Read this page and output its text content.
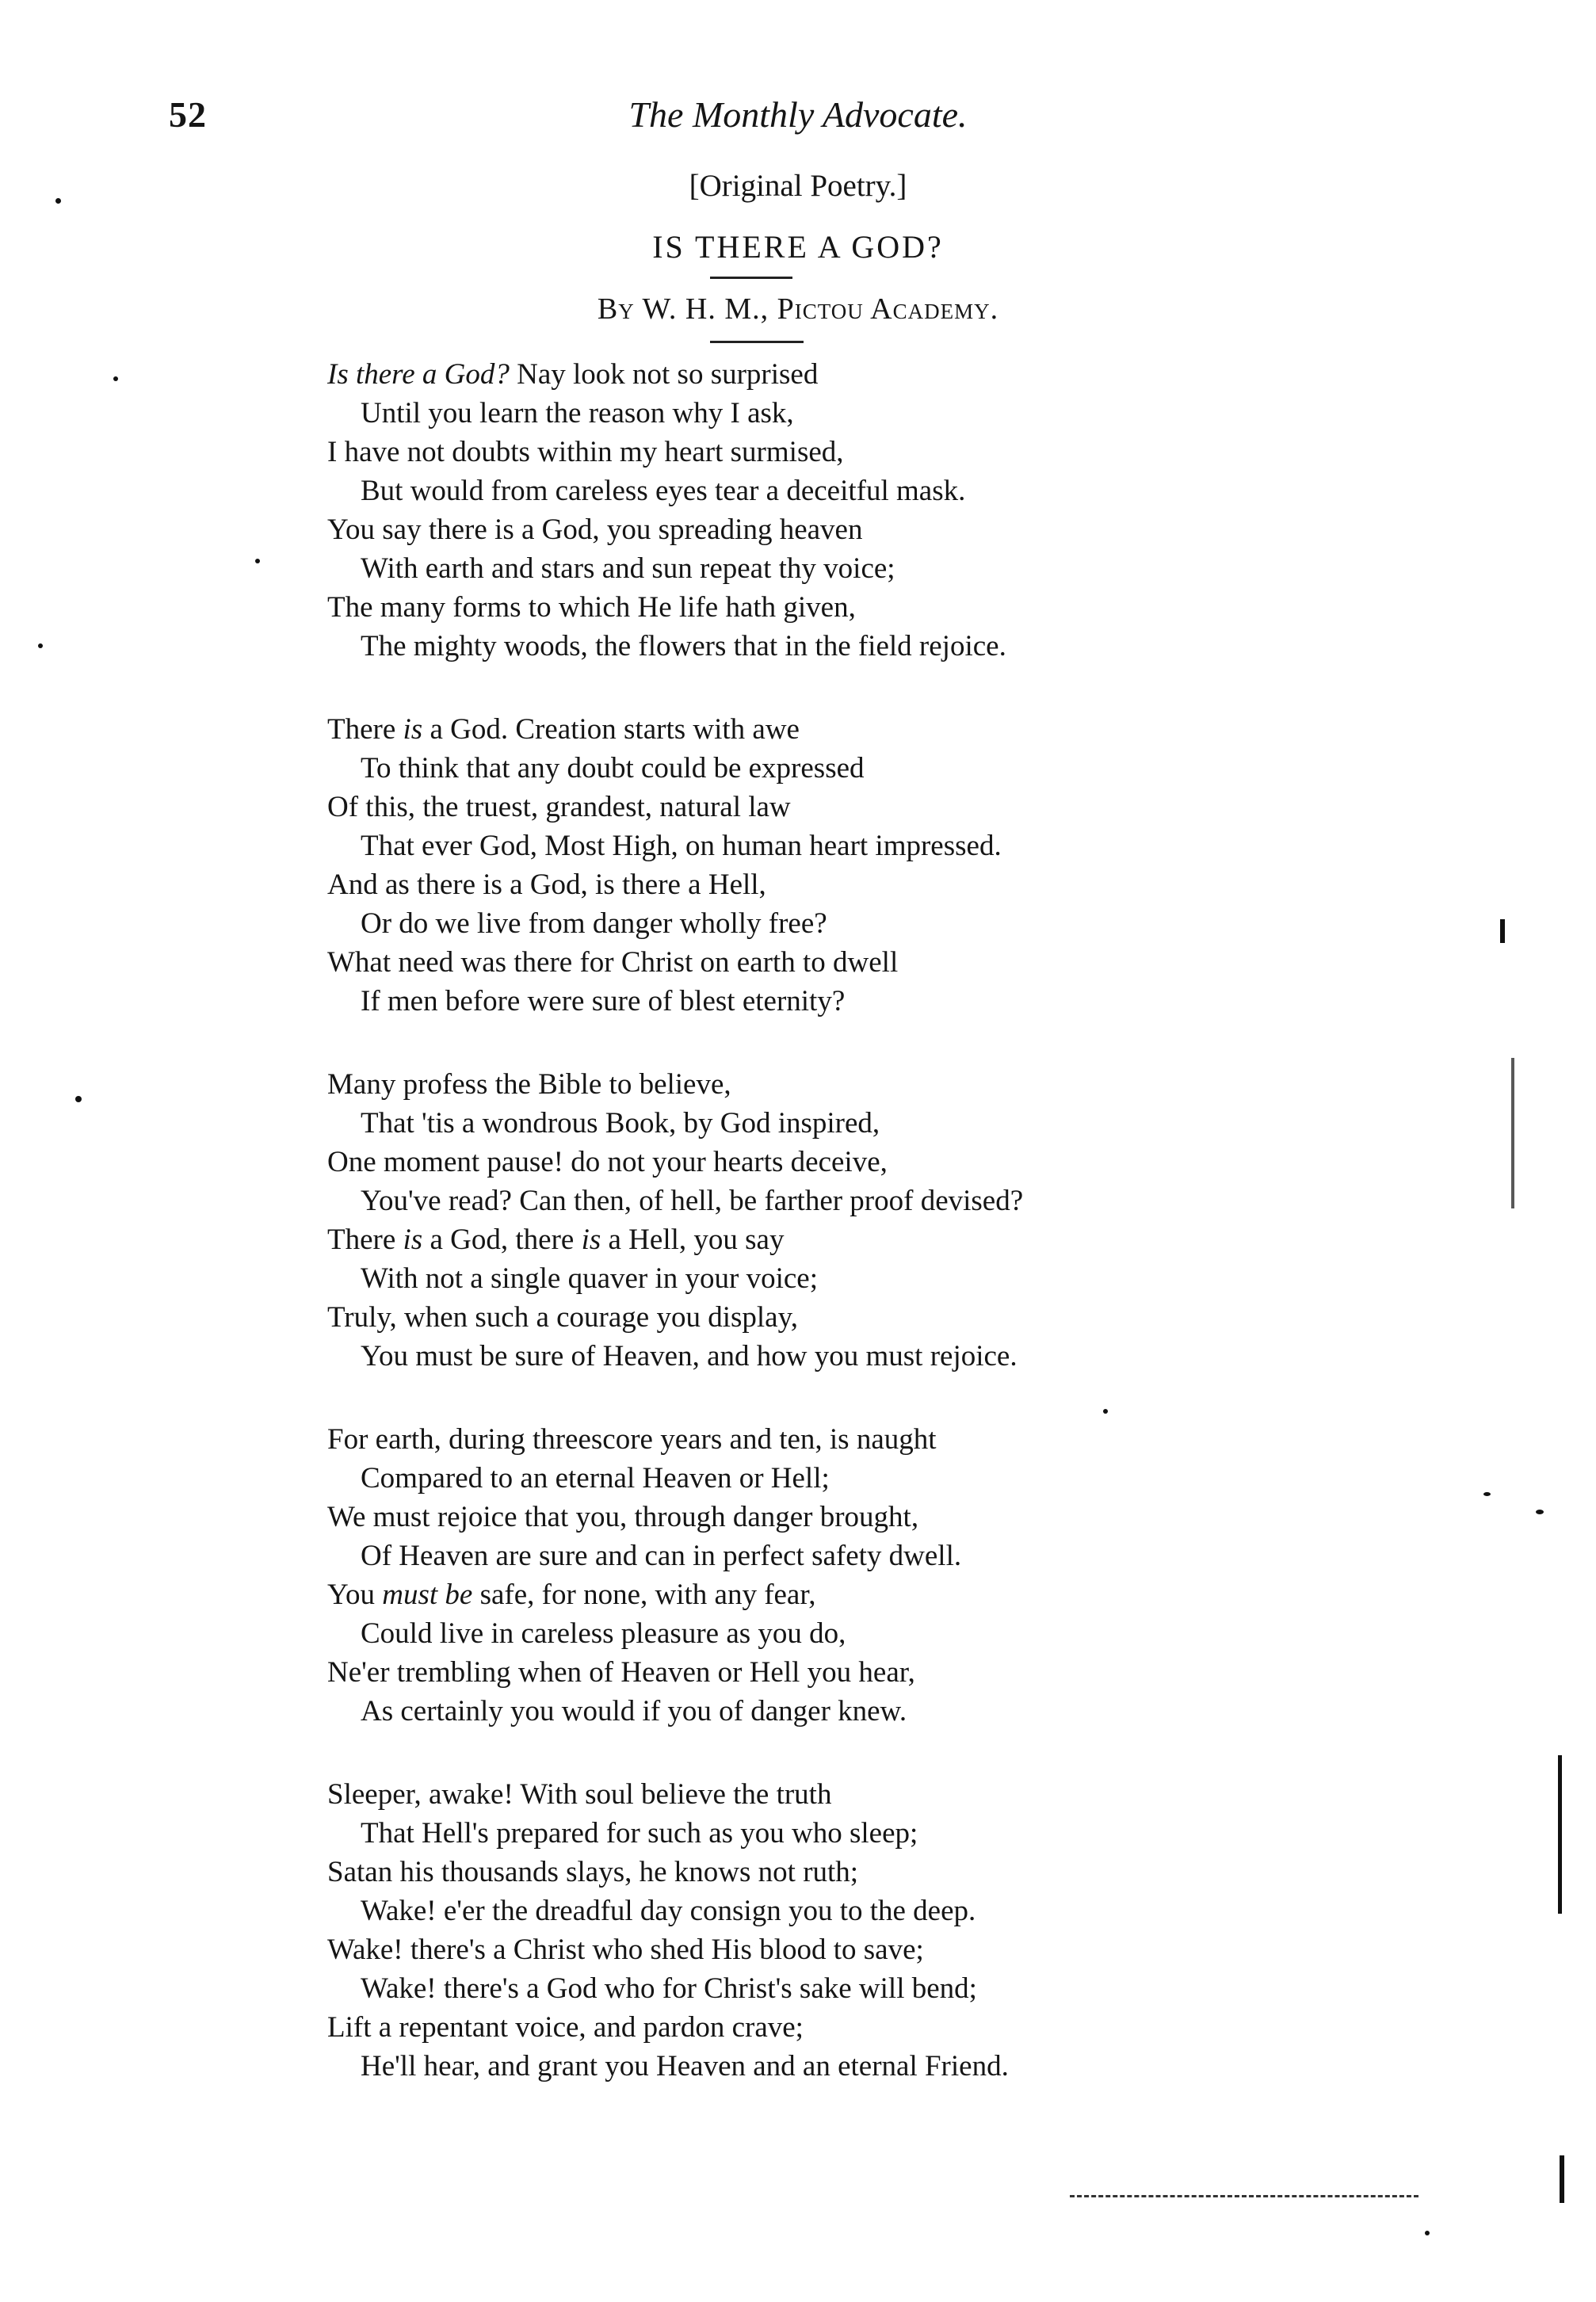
52	The Monthly Advocate.
[Original Poetry.]
IS THERE A GOD?
By W. H. M., Pictou Academy.
Is there a God? Nay look not so surprised
Until you learn the reason why I ask,
I have not doubts within my heart surmised,
But would from careless eyes tear a deceitful mask.
You say there is a God, you spreading heaven
With earth and stars and sun repeat thy voice;
The many forms to which He life hath given,
The mighty woods, the flowers that in the field rejoice.
There is a God. Creation starts with awe
To think that any doubt could be expressed
Of this, the truest, grandest, natural law
That ever God, Most High, on human heart impressed.
And as there is a God, is there a Hell,
Or do we live from danger wholly free?
What need was there for Christ on earth to dwell
If men before were sure of blest eternity?
Many profess the Bible to believe,
That 'tis a wondrous Book, by God inspired,
One moment pause! do not your hearts deceive,
You've read? Can then, of hell, be farther proof devised?
There is a God, there is a Hell, you say
With not a single quaver in your voice;
Truly, when such a courage you display,
You must be sure of Heaven, and how you must rejoice.
For earth, during threescore years and ten, is naught
Compared to an eternal Heaven or Hell;
We must rejoice that you, through danger brought,
Of Heaven are sure and can in perfect safety dwell.
You must be safe, for none, with any fear,
Could live in careless pleasure as you do,
Ne'er trembling when of Heaven or Hell you hear,
As certainly you would if you of danger knew.
Sleeper, awake! With soul believe the truth
That Hell's prepared for such as you who sleep;
Satan his thousands slays, he knows not ruth;
Wake! e'er the dreadful day consign you to the deep.
Wake! there's a Christ who shed His blood to save;
Wake! there's a God who for Christ's sake will bend;
Lift a repentant voice, and pardon crave;
He'll hear, and grant you Heaven and an eternal Friend.
